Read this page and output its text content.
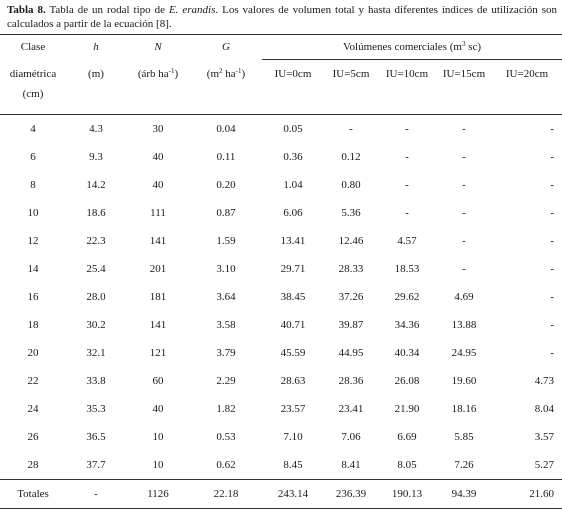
Tabla 8. Tabla de un rodal tipo de E. erandis. Los valores de volumen total y hasta diferentes índices de utilización son calculados a partir de la ecuación [8].
Clase	h	N	G	Volúmenes comerciales ($m^3$ sc)				
diamétrica	(m)	(árb $ha^{-1}$)	($m^2$ $ha^{-1}$)	IU=0cm	IU=5cm	IU=10cm	IU=15cm	IU=20cm
(cm)								
4	4.3	30	0.04	0.05	-	-	-	-
6	9.3	40	0.11	0.36	0.12	-	-	-
8	14.2	40	0.20	1.04	0.80	-	-	-
10	18.6	111	0.87	6.06	5.36	-	-	-
12	22.3	141	1.59	13.41	12.46	4.57	-	-
14	25.4	201	3.10	29.71	28.33	18.53	-	-
16	28.0	181	3.64	38.45	37.26	29.62	4.69	-
18	30.2	141	3.58	40.71	39.87	34.36	13.88	-
20	32.1	121	3.79	45.59	44.95	40.34	24.95	-
22	33.8	60	2.29	28.63	28.36	26.08	19.60	4.73
24	35.3	40	1.82	23.57	23.41	21.90	18.16	8.04
26	36.5	10	0.53	7.10	7.06	6.69	5.85	3.57
28	37.7	10	0.62	8.45	8.41	8.05	7.26	5.27
Totales	-	1126	22.18	243.14	236.39	190.13	94.39	21.60
